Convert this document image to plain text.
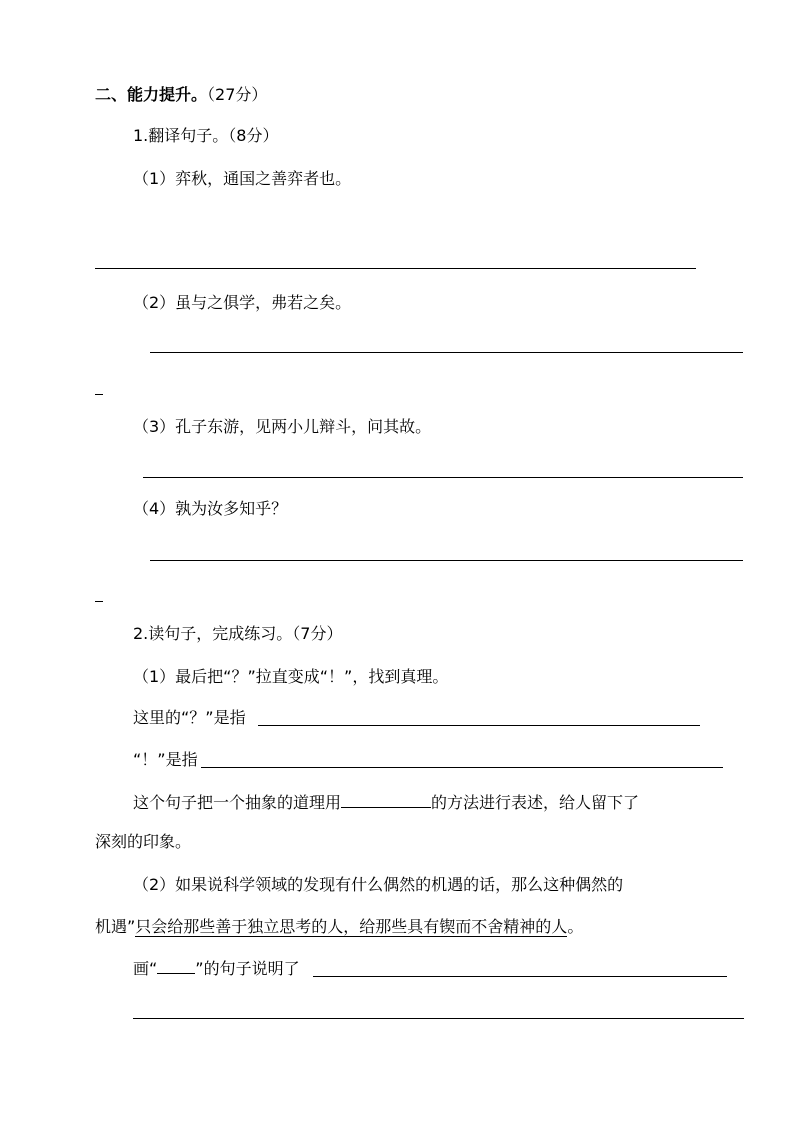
二、能力提升。（27分）
1.翻译句子。（8分）
（1）弈秋，通国之善弈者也。
（2）虽与之俱学，弗若之矣。
（3）孔子东游，见两小儿辩斗，问其故。
（4）孰为汝多知乎？
2.读句子，完成练习。（7分）
（1）最后把“？”拉直变成“！”，找到真理。
这里的“？”是指
“！”是指
这个句子把一个抽象的道理用	的方法进行表述，给人留下了
深刻的印象。
（2）如果说科学领域的发现有什么偶然的机遇的话，那么这种偶然的
机遇”只会给那些善于独立思考的人，给那些具有锲而不舍精神的人。
画“ ”的句子说明了
